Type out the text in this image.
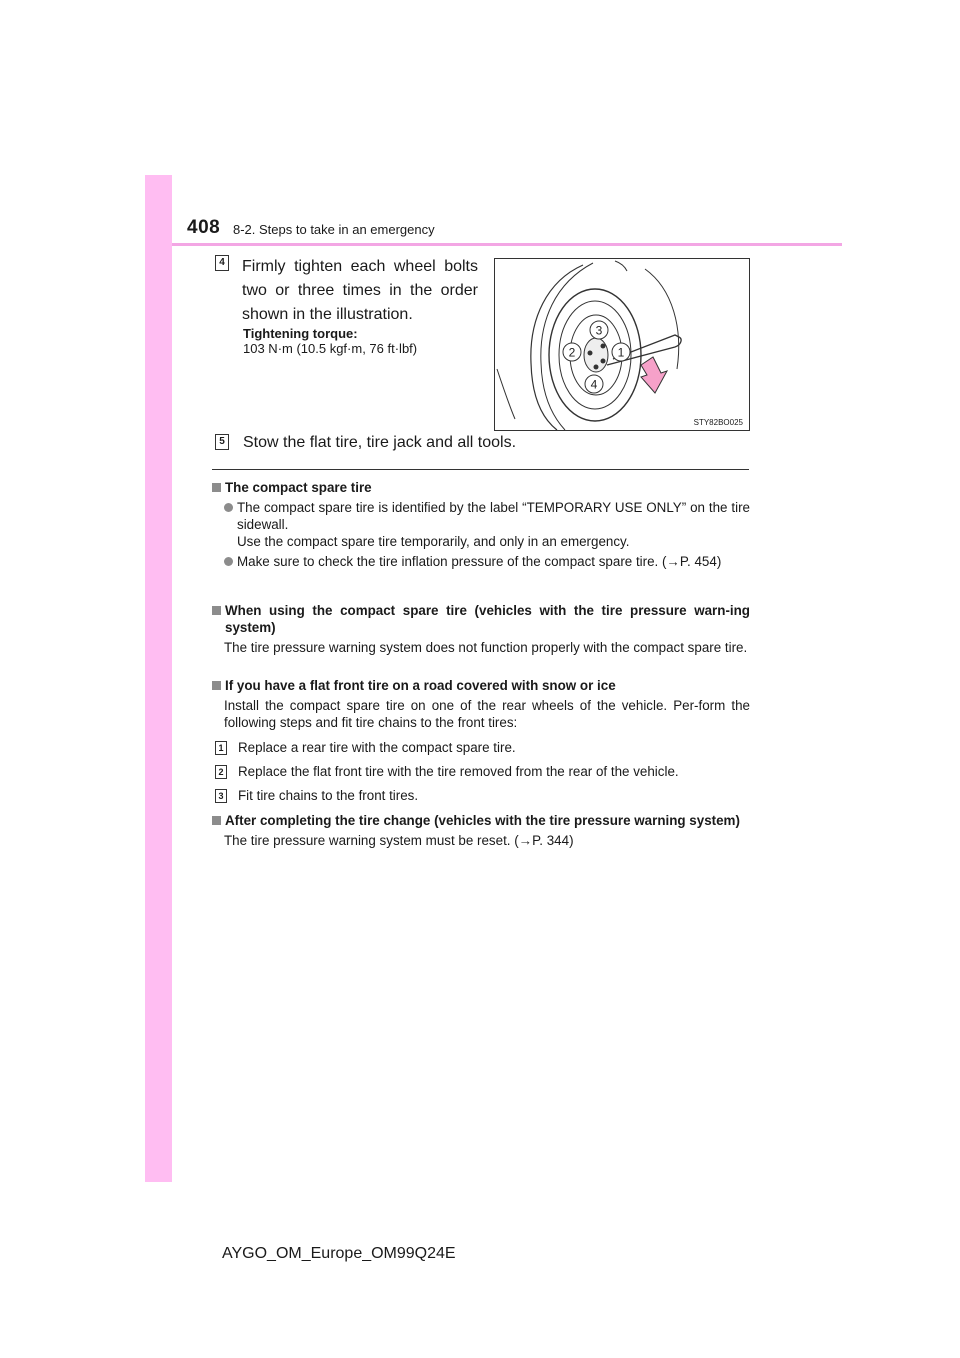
408 8-2. Steps to take in an emergency
4 Firmly tighten each wheel bolts two or three times in the order shown in the illustration.
Tightening torque:
103 N·m (10.5 kgf·m, 76 ft·lbf)
3
2	1
4
STY82BO025
5 Stow the flat tire, tire jack and all tools.
The compact spare tire
The compact spare tire is identified by the label “TEMPORARY USE ONLY” on the tire sidewall.
Use the compact spare tire temporarily, and only in an emergency.
Make sure to check the tire inflation pressure of the compact spare tire. (→P. 454)
When using the compact spare tire (vehicles with the tire pressure warn-ing system)
The tire pressure warning system does not function properly with the compact spare tire.
If you have a flat front tire on a road covered with snow or ice
Install the compact spare tire on one of the rear wheels of the vehicle. Per-form the following steps and fit tire chains to the front tires:
1 Replace a rear tire with the compact spare tire.
2 Replace the flat front tire with the tire removed from the rear of the vehicle.
3 Fit tire chains to the front tires.
After completing the tire change (vehicles with the tire pressure warning system)
The tire pressure warning system must be reset. (→P. 344)
AYGO_OM_Europe_OM99Q24E
